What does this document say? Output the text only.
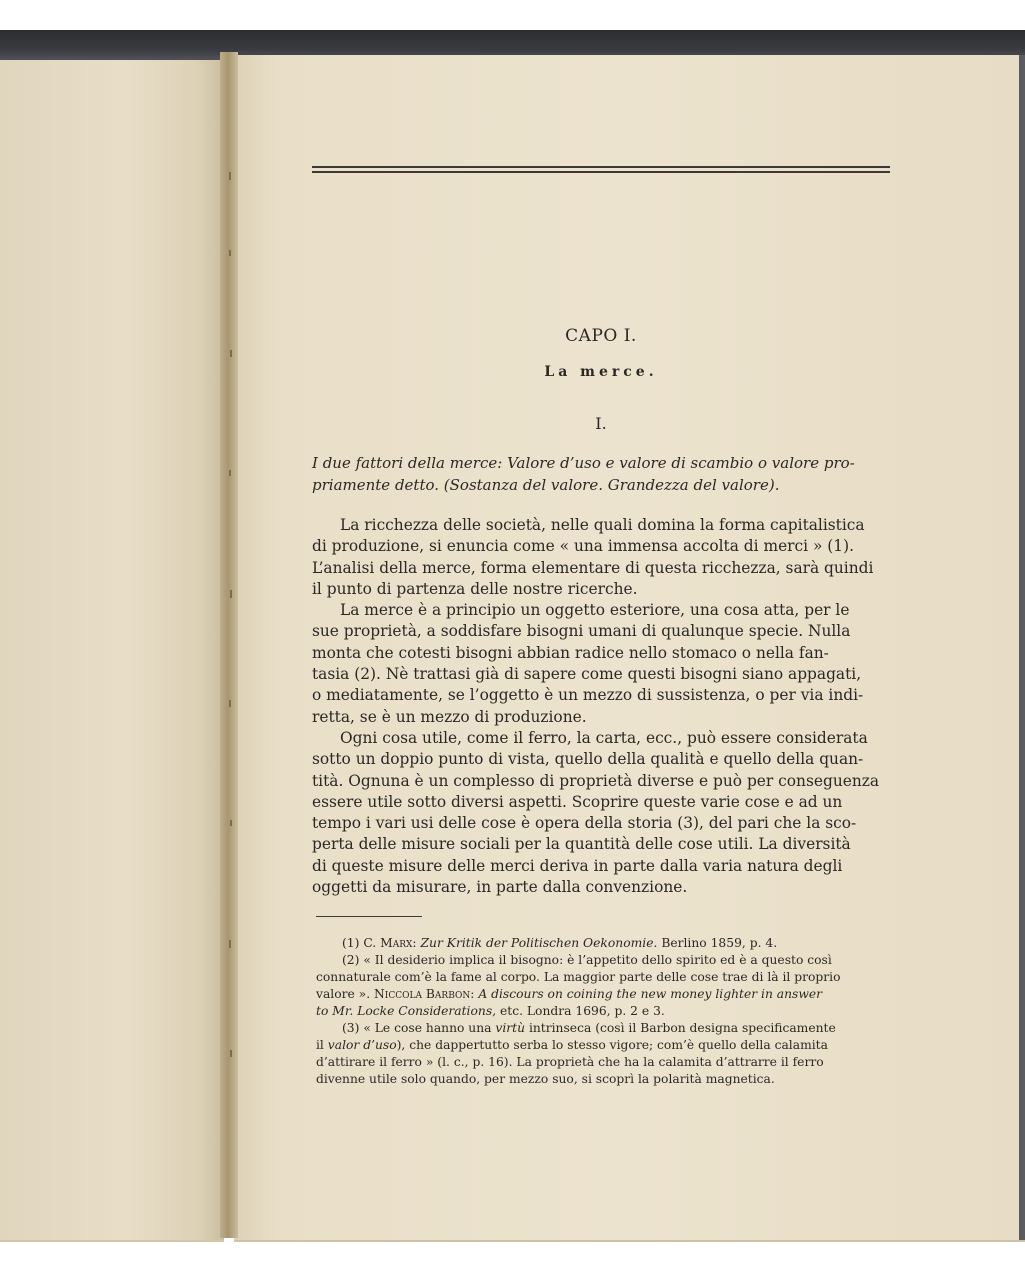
CAPO I.
La merce.
I.
I due fattori della merce: Valore d’uso e valore di scambio o valore pro-
priamente detto. (Sostanza del valore. Grandezza del valore).
La ricchezza delle società, nelle quali domina la forma capitalistica
di produzione, si enuncia come « una immensa accolta di merci » (1).
L’analisi della merce, forma elementare di questa ricchezza, sarà quindi
il punto di partenza delle nostre ricerche.
La merce è a principio un oggetto esteriore, una cosa atta, per le
sue proprietà, a soddisfare bisogni umani di qualunque specie. Nulla
monta che cotesti bisogni abbian radice nello stomaco o nella fan-
tasia (2). Nè trattasi già di sapere come questi bisogni siano appagati,
o mediatamente, se l’oggetto è un mezzo di sussistenza, o per via indi-
retta, se è un mezzo di produzione.
Ogni cosa utile, come il ferro, la carta, ecc., può essere considerata
sotto un doppio punto di vista, quello della qualità e quello della quan-
tità. Ognuna è un complesso di proprietà diverse e può per conseguenza
essere utile sotto diversi aspetti. Scoprire queste varie cose e ad un
tempo i vari usi delle cose è opera della storia (3), del pari che la sco-
perta delle misure sociali per la quantità delle cose utili. La diversità
di queste misure delle merci deriva in parte dalla varia natura degli
oggetti da misurare, in parte dalla convenzione.
(1) C. Marx: Zur Kritik der Politischen Oekonomie. Berlino 1859, p. 4.
(2) « Il desiderio implica il bisogno: è l’appetito dello spirito ed è a questo così
connaturale com’è la fame al corpo. La maggior parte delle cose trae di là il proprio
valore ». Niccola Barbon: A discours on coining the new money lighter in answer
to Mr. Locke Considerations, etc. Londra 1696, p. 2 e 3.
(3) « Le cose hanno una virtù intrinseca (così il Barbon designa specificamente
il valor d’uso), che dappertutto serba lo stesso vigore; com’è quello della calamita
d’attirare il ferro » (l. c., p. 16). La proprietà che ha la calamita d’attrarre il ferro
divenne utile solo quando, per mezzo suo, si scoprì la polarità magnetica.
